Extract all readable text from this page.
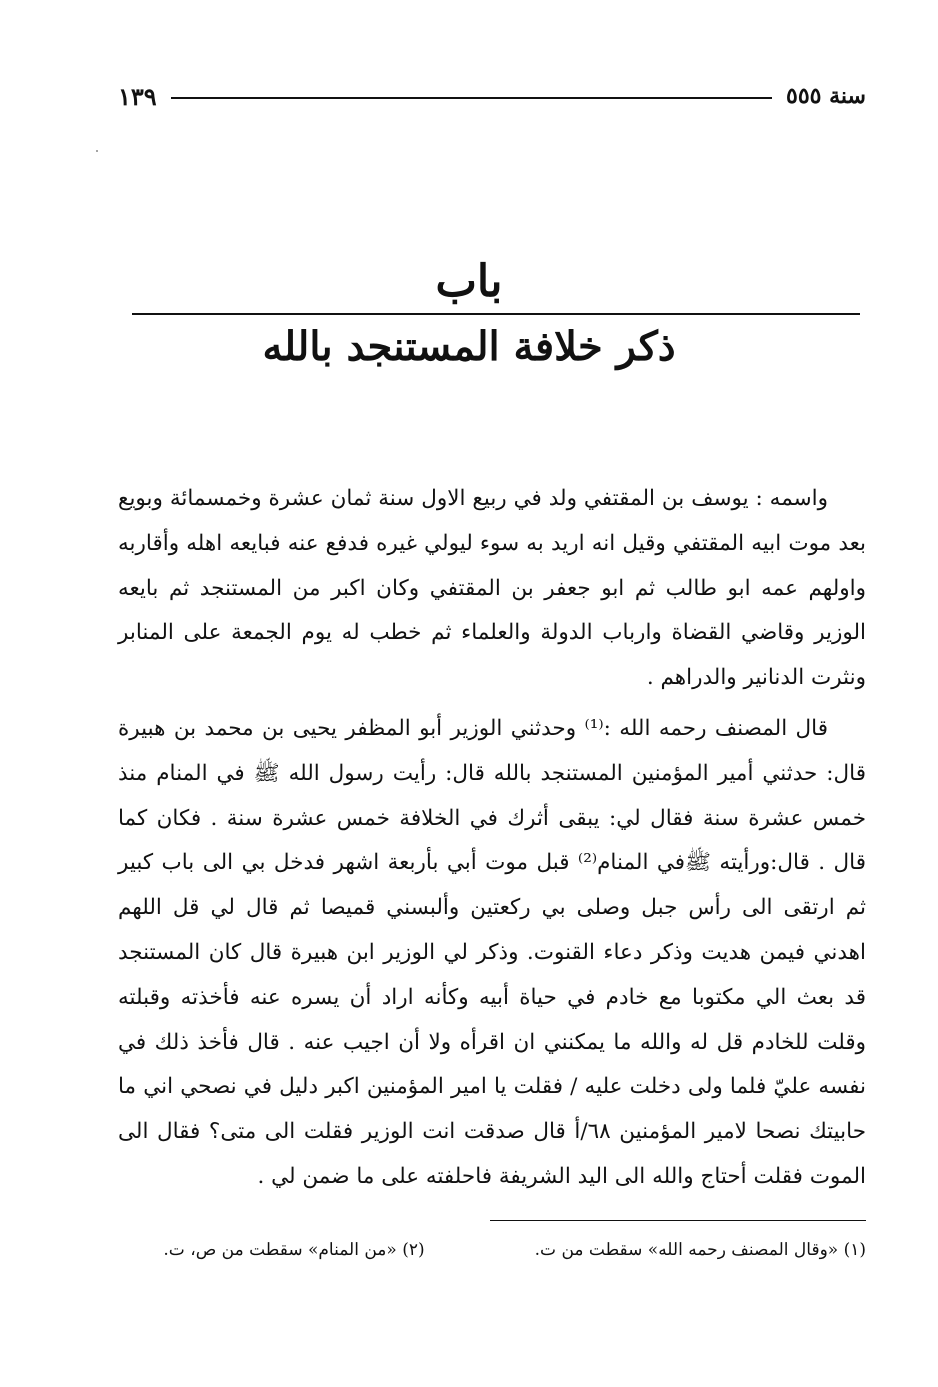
سنة ٥٥٥
١٣٩
باب
ذكر خلافة المستنجد بالله

واسمه : يوسف بن المقتفي ولد في ربيع الاول سنة ثمان عشرة وخمسمائة وبويع بعد موت ابيه المقتفي وقيل انه اريد به سوء ليولي غيره فدفع عنه فبايعه اهله وأقاربه واولهم عمه ابو طالب ثم ابو جعفر بن المقتفي وكان اكبر من المستنجد ثم بايعه الوزير وقاضي القضاة وارباب الدولة والعلماء ثم خطب له يوم الجمعة على المنابر ونثرت الدنانير والدراهم .

قال المصنف رحمه الله :⁽¹⁾ وحدثني الوزير أبو المظفر يحيى بن محمد بن هبيرة قال: حدثني أمير المؤمنين المستنجد بالله قال: رأيت رسول الله ﷺ في المنام منذ خمس عشرة سنة فقال لي: يبقى أثرك في الخلافة خمس عشرة سنة . فكان كما قال . قال:ورأيته ﷺفي المنام⁽²⁾ قبل موت أبي بأربعة اشهر فدخل بي الى باب كبير ثم ارتقى الى رأس جبل وصلى بي ركعتين وألبسني قميصا ثم قال لي قل اللهم اهدني فيمن هديت وذكر دعاء القنوت. وذكر لي الوزير ابن هبيرة قال كان المستنجد قد بعث الي مكتوبا مع خادم في حياة أبيه وكأنه اراد أن يسره عنه فأخذته وقبلته وقلت للخادم قل له والله ما يمكنني ان اقرأه ولا أن اجيب عنه . قال فأخذ ذلك في نفسه عليّ فلما ولى دخلت عليه / فقلت يا امير المؤمنين اكبر دليل في نصحي اني ما حابيتك نصحا لامير المؤمنين ٦٨/أ قال صدقت انت الوزير فقلت الى متى؟ فقال الى الموت فقلت أحتاج والله الى اليد الشريفة فاحلفته على ما ضمن لي .

(١) «وقال المصنف رحمه الله» سقطت من ت.
(٢) «من المنام» سقطت من ص، ت.
